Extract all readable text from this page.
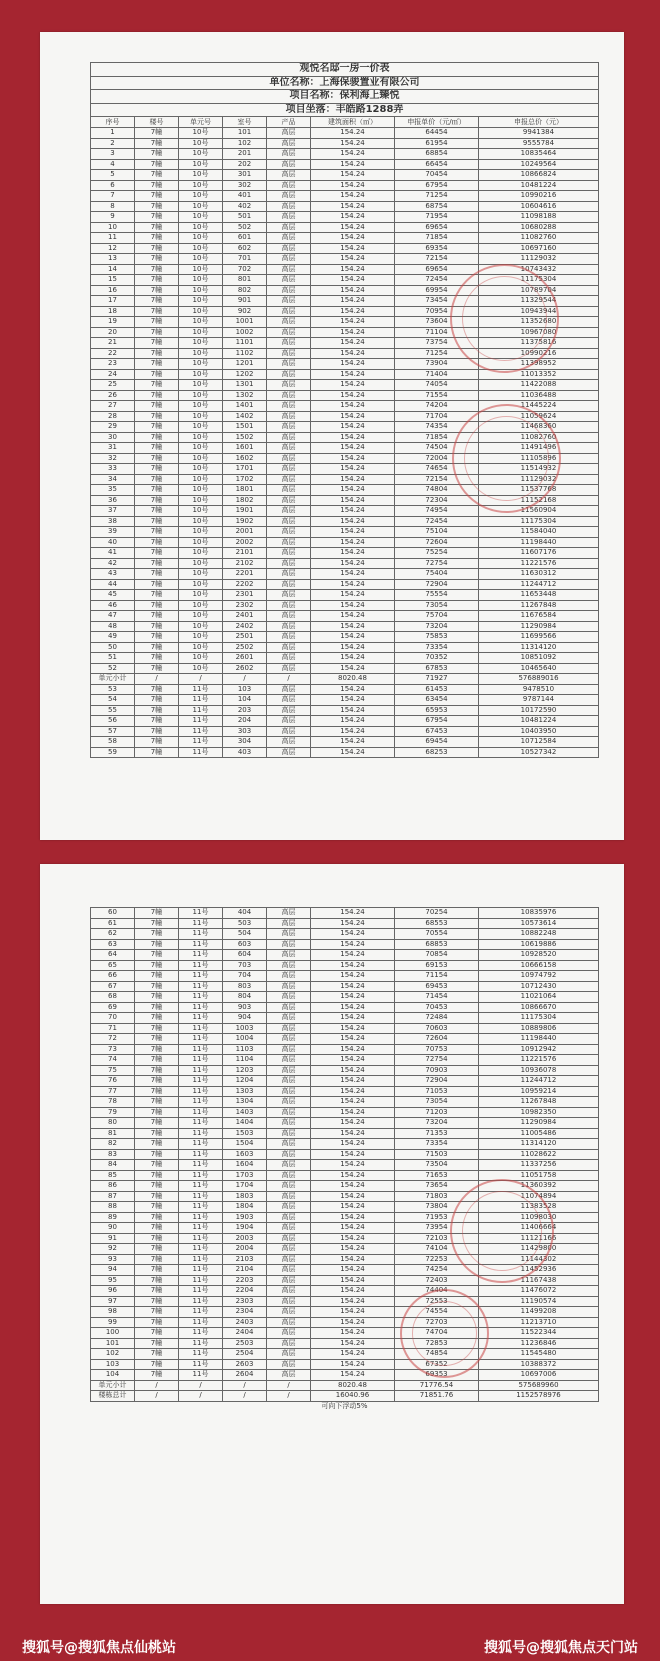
观悦名邸一房一价表							
单位名称：上海保骏置业有限公司							
项目名称：保利海上臻悦							
项目坐落：丰皓路1288弄							
序号	楼号	单元号	室号	产品	建筑面积（㎡）	申报单价（元/㎡）	申报总价（元）
1	7幢	10号	101	高层	154.24	64454	9941384
2	7幢	10号	102	高层	154.24	61954	9555784
3	7幢	10号	201	高层	154.24	68854	10835464
4	7幢	10号	202	高层	154.24	66454	10249564
5	7幢	10号	301	高层	154.24	70454	10866824
6	7幢	10号	302	高层	154.24	67954	10481224
7	7幢	10号	401	高层	154.24	71254	10990216
8	7幢	10号	402	高层	154.24	68754	10604616
9	7幢	10号	501	高层	154.24	71954	11098188
10	7幢	10号	502	高层	154.24	69654	10680288
11	7幢	10号	601	高层	154.24	71854	11082760
12	7幢	10号	602	高层	154.24	69354	10697160
13	7幢	10号	701	高层	154.24	72154	11129032
14	7幢	10号	702	高层	154.24	69654	10743432
15	7幢	10号	801	高层	154.24	72454	11175304
16	7幢	10号	802	高层	154.24	69954	10789704
17	7幢	10号	901	高层	154.24	73454	11329544
18	7幢	10号	902	高层	154.24	70954	10943944
19	7幢	10号	1001	高层	154.24	73604	11352680
20	7幢	10号	1002	高层	154.24	71104	10967080
21	7幢	10号	1101	高层	154.24	73754	11375816
22	7幢	10号	1102	高层	154.24	71254	10990216
23	7幢	10号	1201	高层	154.24	73904	11398952
24	7幢	10号	1202	高层	154.24	71404	11013352
25	7幢	10号	1301	高层	154.24	74054	11422088
26	7幢	10号	1302	高层	154.24	71554	11036488
27	7幢	10号	1401	高层	154.24	74204	11445224
28	7幢	10号	1402	高层	154.24	71704	11059624
29	7幢	10号	1501	高层	154.24	74354	11468360
30	7幢	10号	1502	高层	154.24	71854	11082760
31	7幢	10号	1601	高层	154.24	74504	11491496
32	7幢	10号	1602	高层	154.24	72004	11105896
33	7幢	10号	1701	高层	154.24	74654	11514932
34	7幢	10号	1702	高层	154.24	72154	11129032
35	7幢	10号	1801	高层	154.24	74804	11537768
36	7幢	10号	1802	高层	154.24	72304	11152168
37	7幢	10号	1901	高层	154.24	74954	11560904
38	7幢	10号	1902	高层	154.24	72454	11175304
39	7幢	10号	2001	高层	154.24	75104	11584040
40	7幢	10号	2002	高层	154.24	72604	11198440
41	7幢	10号	2101	高层	154.24	75254	11607176
42	7幢	10号	2102	高层	154.24	72754	11221576
43	7幢	10号	2201	高层	154.24	75404	11630312
44	7幢	10号	2202	高层	154.24	72904	11244712
45	7幢	10号	2301	高层	154.24	75554	11653448
46	7幢	10号	2302	高层	154.24	73054	11267848
47	7幢	10号	2401	高层	154.24	75704	11676584
48	7幢	10号	2402	高层	154.24	73204	11290984
49	7幢	10号	2501	高层	154.24	75853	11699566
50	7幢	10号	2502	高层	154.24	73354	11314120
51	7幢	10号	2601	高层	154.24	70352	10851092
52	7幢	10号	2602	高层	154.24	67853	10465640
单元小计	/	/	/	/	8020.48	71927	576889016
53	7幢	11号	103	高层	154.24	61453	9478510
54	7幢	11号	104	高层	154.24	63454	9787144
55	7幢	11号	203	高层	154.24	65953	10172590
56	7幢	11号	204	高层	154.24	67954	10481224
57	7幢	11号	303	高层	154.24	67453	10403950
58	7幢	11号	304	高层	154.24	69454	10712584
59	7幢	11号	403	高层	154.24	68253	10527342
60	7幢	11号	404	高层	154.24	70254	10835976
61	7幢	11号	503	高层	154.24	68553	10573614
62	7幢	11号	504	高层	154.24	70554	10882248
63	7幢	11号	603	高层	154.24	68853	10619886
64	7幢	11号	604	高层	154.24	70854	10928520
65	7幢	11号	703	高层	154.24	69153	10666158
66	7幢	11号	704	高层	154.24	71154	10974792
67	7幢	11号	803	高层	154.24	69453	10712430
68	7幢	11号	804	高层	154.24	71454	11021064
69	7幢	11号	903	高层	154.24	70453	10866670
70	7幢	11号	904	高层	154.24	72484	11175304
71	7幢	11号	1003	高层	154.24	70603	10889806
72	7幢	11号	1004	高层	154.24	72604	11198440
73	7幢	11号	1103	高层	154.24	70753	10912942
74	7幢	11号	1104	高层	154.24	72754	11221576
75	7幢	11号	1203	高层	154.24	70903	10936078
76	7幢	11号	1204	高层	154.24	72904	11244712
77	7幢	11号	1303	高层	154.24	71053	10959214
78	7幢	11号	1304	高层	154.24	73054	11267848
79	7幢	11号	1403	高层	154.24	71203	10982350
80	7幢	11号	1404	高层	154.24	73204	11290984
81	7幢	11号	1503	高层	154.24	71353	11005486
82	7幢	11号	1504	高层	154.24	73354	11314120
83	7幢	11号	1603	高层	154.24	71503	11028622
84	7幢	11号	1604	高层	154.24	73504	11337256
85	7幢	11号	1703	高层	154.24	71653	11051758
86	7幢	11号	1704	高层	154.24	73654	11360392
87	7幢	11号	1803	高层	154.24	71803	11074894
88	7幢	11号	1804	高层	154.24	73804	11383528
89	7幢	11号	1903	高层	154.24	71953	11098030
90	7幢	11号	1904	高层	154.24	73954	11406664
91	7幢	11号	2003	高层	154.24	72103	11121166
92	7幢	11号	2004	高层	154.24	74104	11429800
93	7幢	11号	2103	高层	154.24	72253	11144302
94	7幢	11号	2104	高层	154.24	74254	11452936
95	7幢	11号	2203	高层	154.24	72403	11167438
96	7幢	11号	2204	高层	154.24	74404	11476072
97	7幢	11号	2303	高层	154.24	72553	11190574
98	7幢	11号	2304	高层	154.24	74554	11499208
99	7幢	11号	2403	高层	154.24	72703	11213710
100	7幢	11号	2404	高层	154.24	74704	11522344
101	7幢	11号	2503	高层	154.24	72853	11236846
102	7幢	11号	2504	高层	154.24	74854	11545480
103	7幢	11号	2603	高层	154.24	67352	10388372
104	7幢	11号	2604	高层	154.24	69353	10697006
单元小计	/	/	/	/	8020.48	71776.54	575689960
楼栋总计	/	/	/	/	16040.96	71851.76	1152578976
可向下浮动5%							
搜狐号@搜狐焦点仙桃站	搜狐号@搜狐焦点天门站
